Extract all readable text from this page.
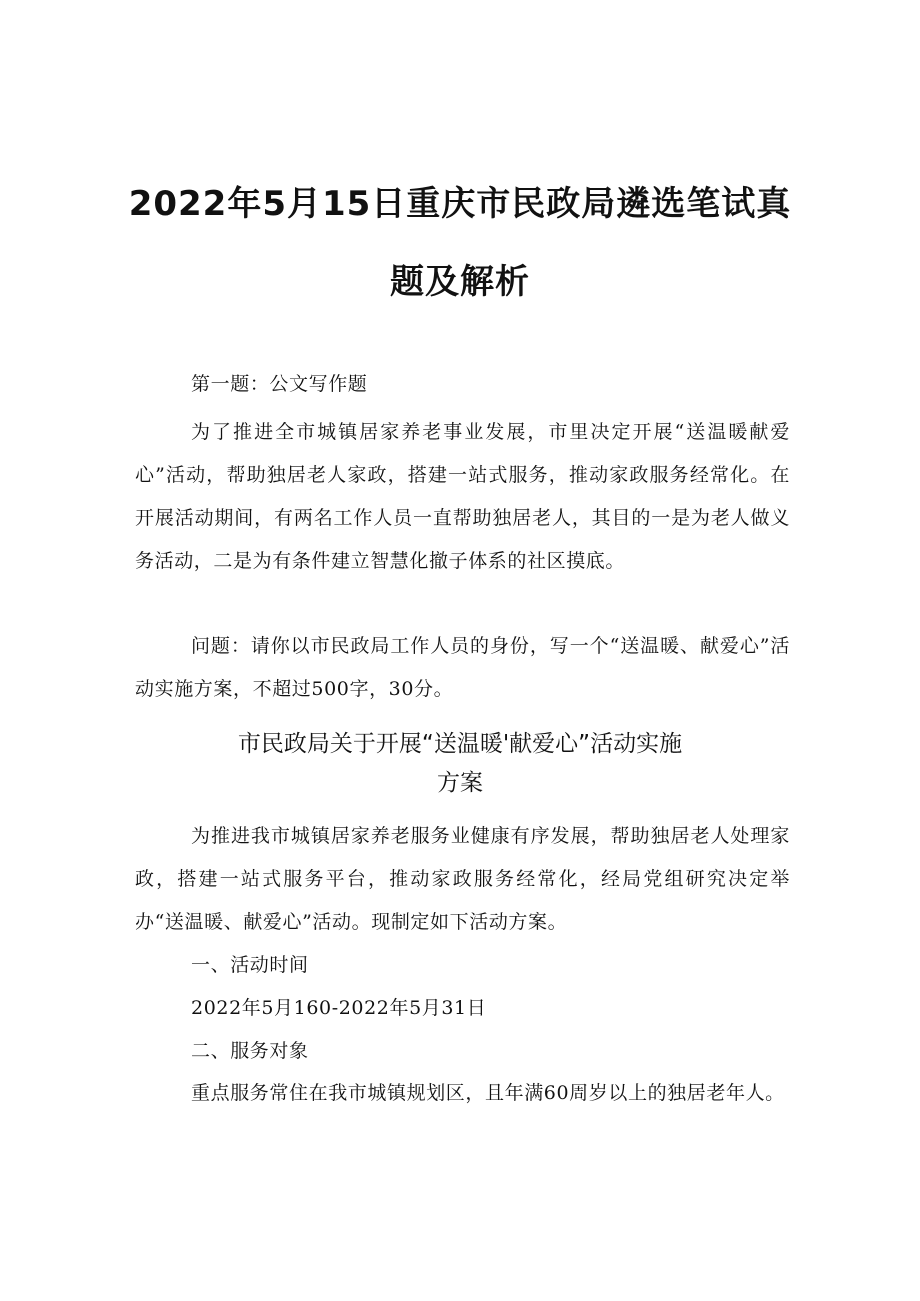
2022年5月15日重庆市民政局遴选笔试真
题及解析

第一题：公文写作题

为了推进全市城镇居家养老事业发展，市里决定开展“送温暖献爱心”活动，帮助独居老人家政，搭建一站式服务，推动家政服务经常化。在开展活动期间，有两名工作人员一直帮助独居老人，其目的一是为老人做义务活动，二是为有条件建立智慧化撤子体系的社区摸底。

问题：请你以市民政局工作人员的身份，写一个“送温暖、献爱心”活动实施方案，不超过500字，30分。

市民政局关于开展“送温暖'献爱心”活动实施
方案

为推进我市城镇居家养老服务业健康有序发展，帮助独居老人处理家政，搭建一站式服务平台，推动家政服务经常化，经局党组研究决定举办“送温暖、献爱心”活动。现制定如下活动方案。

一、活动时间

2022年5月160-2022年5月31日

二、服务对象

重点服务常住在我市城镇规划区，且年满60周岁以上的独居老年人。
